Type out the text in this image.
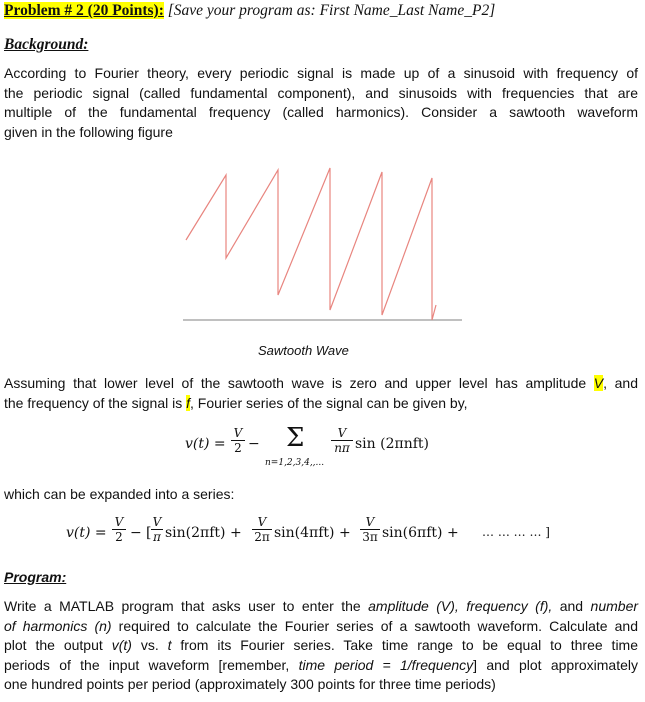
Problem # 2 (20 Points): [Save your program as: First Name_Last Name_P2]
Background:
According to Fourier theory, every periodic signal is made up of a sinusoid with frequency of
the periodic signal (called fundamental component), and sinusoids with frequencies that are
multiple of the fundamental frequency (called harmonics). Consider a sawtooth waveform
given in the following figure
Sawtooth Wave
Assuming that lower level of the sawtooth wave is zero and upper level has amplitude V, and
the frequency of the signal is f, Fourier series of the signal can be given by,
$v(t) = \frac{V}{2} - \Sigma$
n=1,2,3,4,,...
$\frac{V}{n\pi}$ sin (2πnft)
which can be expanded into a series:
$v(t) = \frac{V}{2}$ − [ $\frac{V}{\pi} \sin(2\pi ft) + \frac{V}{2\pi} \sin(4\pi ft) + \frac{V}{3\pi} \sin(6\pi ft)$ + … … … … ]
Program:
Write a MATLAB program that asks user to enter the amplitude (V), frequency (f), and number
of harmonics (n) required to calculate the Fourier series of a sawtooth waveform. Calculate and
plot the output v(t) vs. t from its Fourier series. Take time range to be equal to three time
periods of the input waveform [remember, time period = 1/frequency] and plot approximately
one hundred points per period (approximately 300 points for three time periods)
